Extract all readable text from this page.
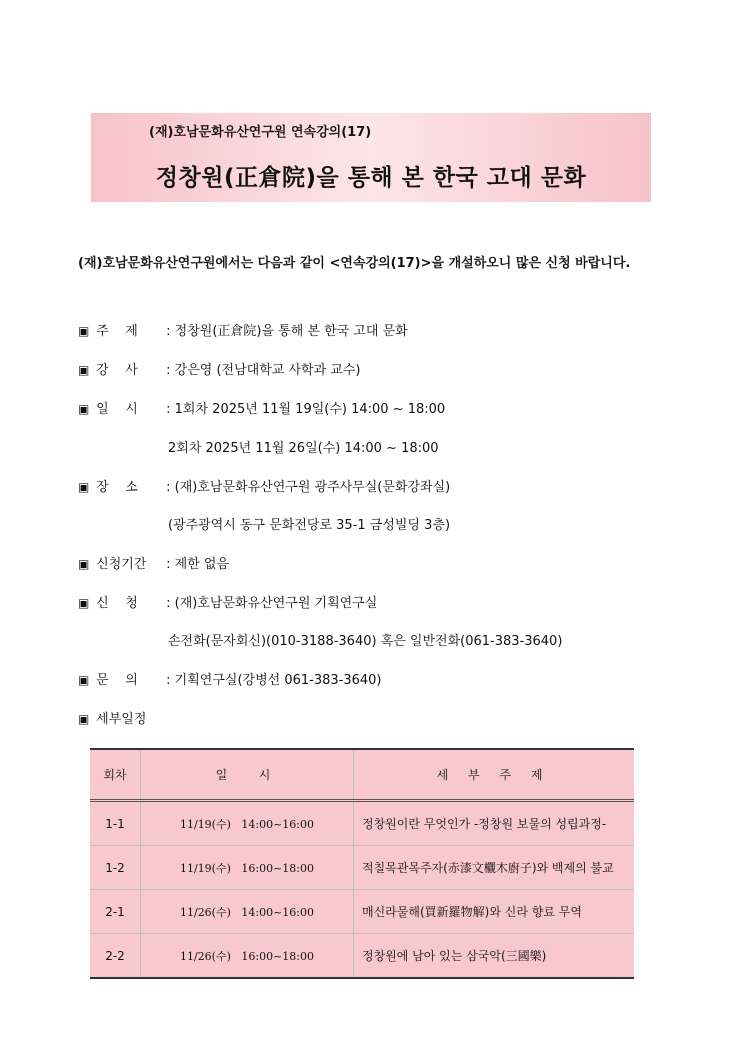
(재)호남문화유산연구원 연속강의(17)
정창원(正倉院)을 통해 본 한국 고대 문화
(재)호남문화유산연구원에서는 다음과 같이 <연속강의(17)>을 개설하오니 많은 신청 바랍니다.
▣ 주    제 : 정창원(正倉院)을 통해 본 한국 고대 문화
▣ 강    사 : 강은영 (전남대학교 사학과 교수)
▣ 일    시 : 1회차 2025년 11월 19일(수) 14:00 ~ 18:00
2회차 2025년 11월 26일(수) 14:00 ~ 18:00
▣ 장    소 : (재)호남문화유산연구원 광주사무실(문화강좌실)
(광주광역시 동구 문화전당로 35-1 금성빌딩 3층)
▣ 신청기간 : 제한 없음
▣ 신    청 : (재)호남문화유산연구원 기획연구실
손전화(문자회신)(010-3188-3640) 혹은 일반전화(061-383-3640)
▣ 문    의 : 기획연구실(강병선 061-383-3640)
▣ 세부일정
회차	일  시	세 부 주 제
1-1	11/19(수)   14:00~16:00	정창원이란 무엇인가 -정창원 보물의 성립과정-
1-2	11/19(수)   16:00~18:00	적칠목관목주자(赤漆文欟木廚子)와 백제의 불교
2-1	11/26(수)   14:00~16:00	매신라물해(買新羅物解)와 신라 향료 무역
2-2	11/26(수)   16:00~18:00	정창원에 남아 있는 삼국악(三國樂)
